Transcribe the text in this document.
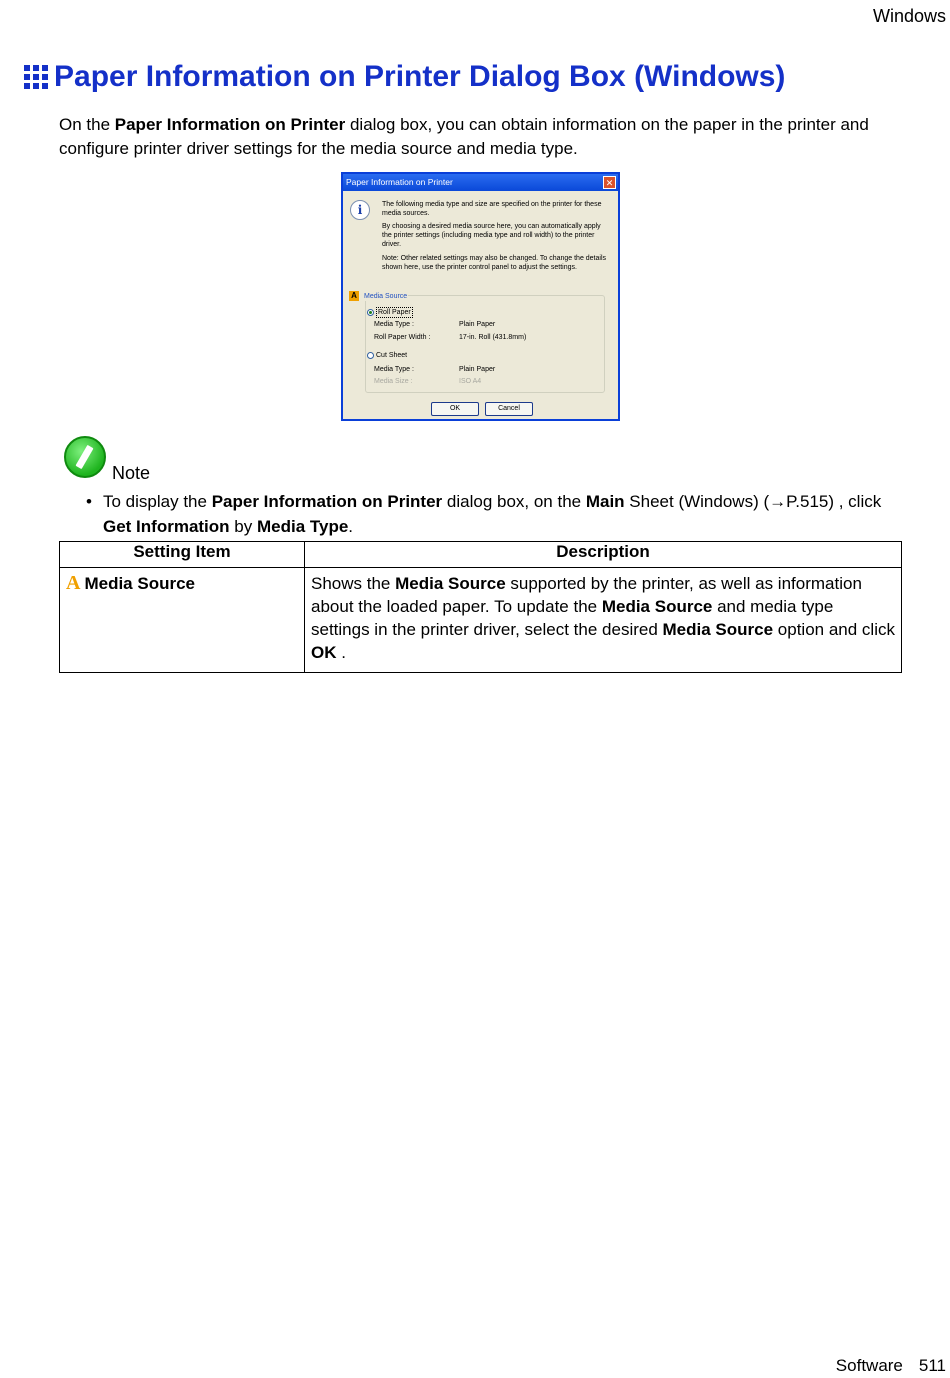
Windows
Paper Information on Printer Dialog Box (Windows)

On the Paper Information on Printer dialog box, you can obtain information on the paper in the printer and configure printer driver settings for the media source and media type.

Paper Information on Printer	✕
i	The following media type and size are specified on the printer for these media sources.
By choosing a desired media source here, you can automatically apply the printer settings (including media type and roll width) to the printer driver.
Note: Other related settings may also be changed. To change the details shown here, use the printer control panel to adjust the settings.
A	Media Source
Roll Paper
Media Type :	Plain Paper
Roll Paper Width :	17-in. Roll (431.8mm)
Cut Sheet
Media Type :	Plain Paper
Media Size :	ISO A4
OK	Cancel
Note
• To display the Paper Information on Printer dialog box, on the Main Sheet (Windows) (→P.515) , click Get Information by Media Type.
Setting Item	Description
A Media Source	Shows the Media Source supported by the printer, as well as information about the loaded paper. To update the Media Source and media type settings in the printer driver, select the desired Media Source option and click OK .
Software 511
